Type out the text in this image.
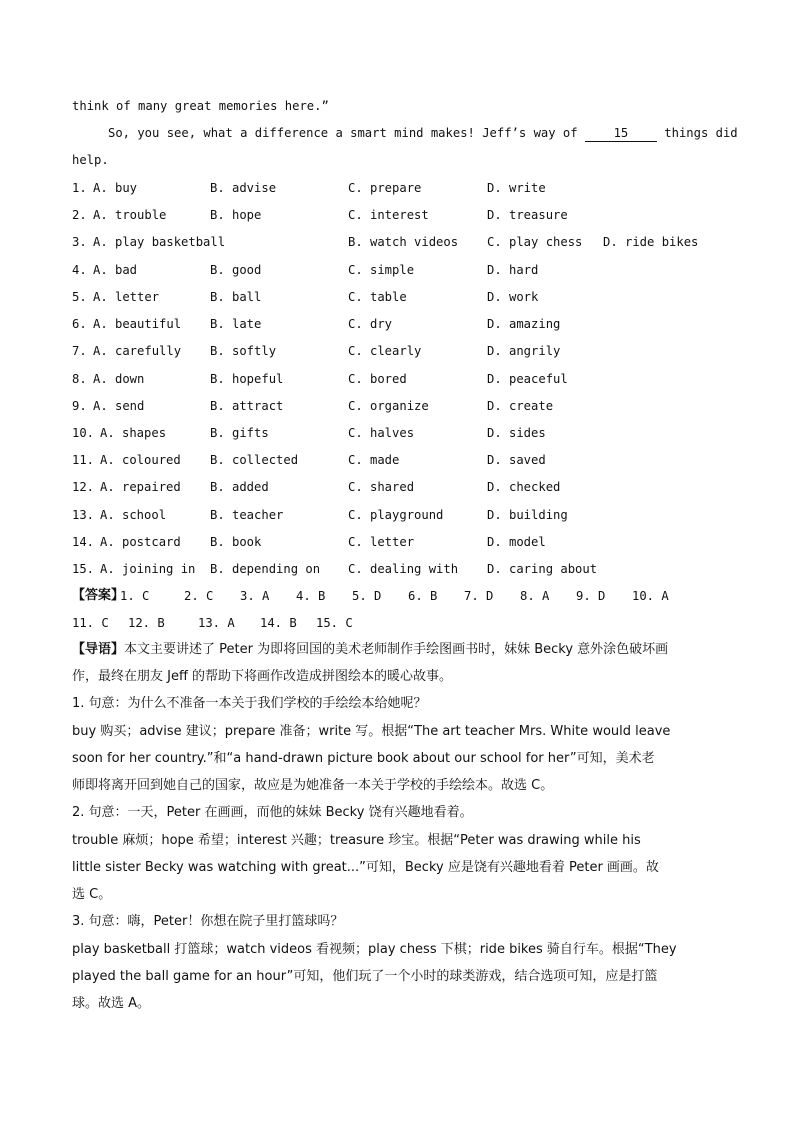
think of many great memories here.”
So, you see, what a difference a smart mind makes! Jeff’s way of 15 things did
help.
1. A. buy	B. advise	C. prepare	D. write
2. A. trouble	B. hope	C. interest	D. treasure
3. A. play basketball	B. watch videos C. play chess D. ride bikes
4. A. bad	B. good	C. simple	D. hard
5. A. letter	B. ball	C. table	D. work
6. A. beautiful B. late	C. dry	D. amazing
7. A. carefully B. softly	C. clearly	D. angrily
8. A. down	B. hopeful	C. bored	D. peaceful
9. A. send	B. attract	C. organize	D. create
10. A. shapes	B. gifts	C. halves	D. sides
11. A. coloured B. collected	C. made	D. saved
12. A. repaired B. added	C. shared	D. checked
13. A. school	B. teacher	C. playground	D. building
14. A. postcard B. book	C. letter	D. model
15. A. joining in B. depending on C. dealing with D. caring about

【答案】

1. C

	2. C

3. A

4. B

5. D

6. B

7. D

8. A

9. D

10. A

11. C

12. B

	13. A

14. B

15. C

【导语】本文主要讲述了 Peter 为即将回国的美术老师制作手绘图画书时，妹妹 Becky 意外涂色破坏画
作，最终在朋友 Jeff 的帮助下将画作改造成拼图绘本的暖心故事。
1. 句意：为什么不准备一本关于我们学校的手绘绘本给她呢？
buy 购买；advise 建议；prepare 准备；write 写。根据“The art teacher Mrs. White would leave
soon for her country.”和“a hand-drawn picture book about our school for her”可知，美术老
师即将离开回到她自己的国家，故应是为她准备一本关于学校的手绘绘本。故选 C。
2. 句意：一天，Peter 在画画，而他的妹妹 Becky 饶有兴趣地看着。
trouble 麻烦；hope 希望；interest 兴趣；treasure 珍宝。根据“Peter was drawing while his
little sister Becky was watching with great...”可知，Becky 应是饶有兴趣地看着 Peter 画画。故
选 C。
3. 句意：嗨，Peter！你想在院子里打篮球吗？
play basketball 打篮球；watch videos 看视频；play chess 下棋；ride bikes 骑自行车。根据“They
played the ball game for an hour”可知，他们玩了一个小时的球类游戏，结合选项可知，应是打篮
球。故选 A。
